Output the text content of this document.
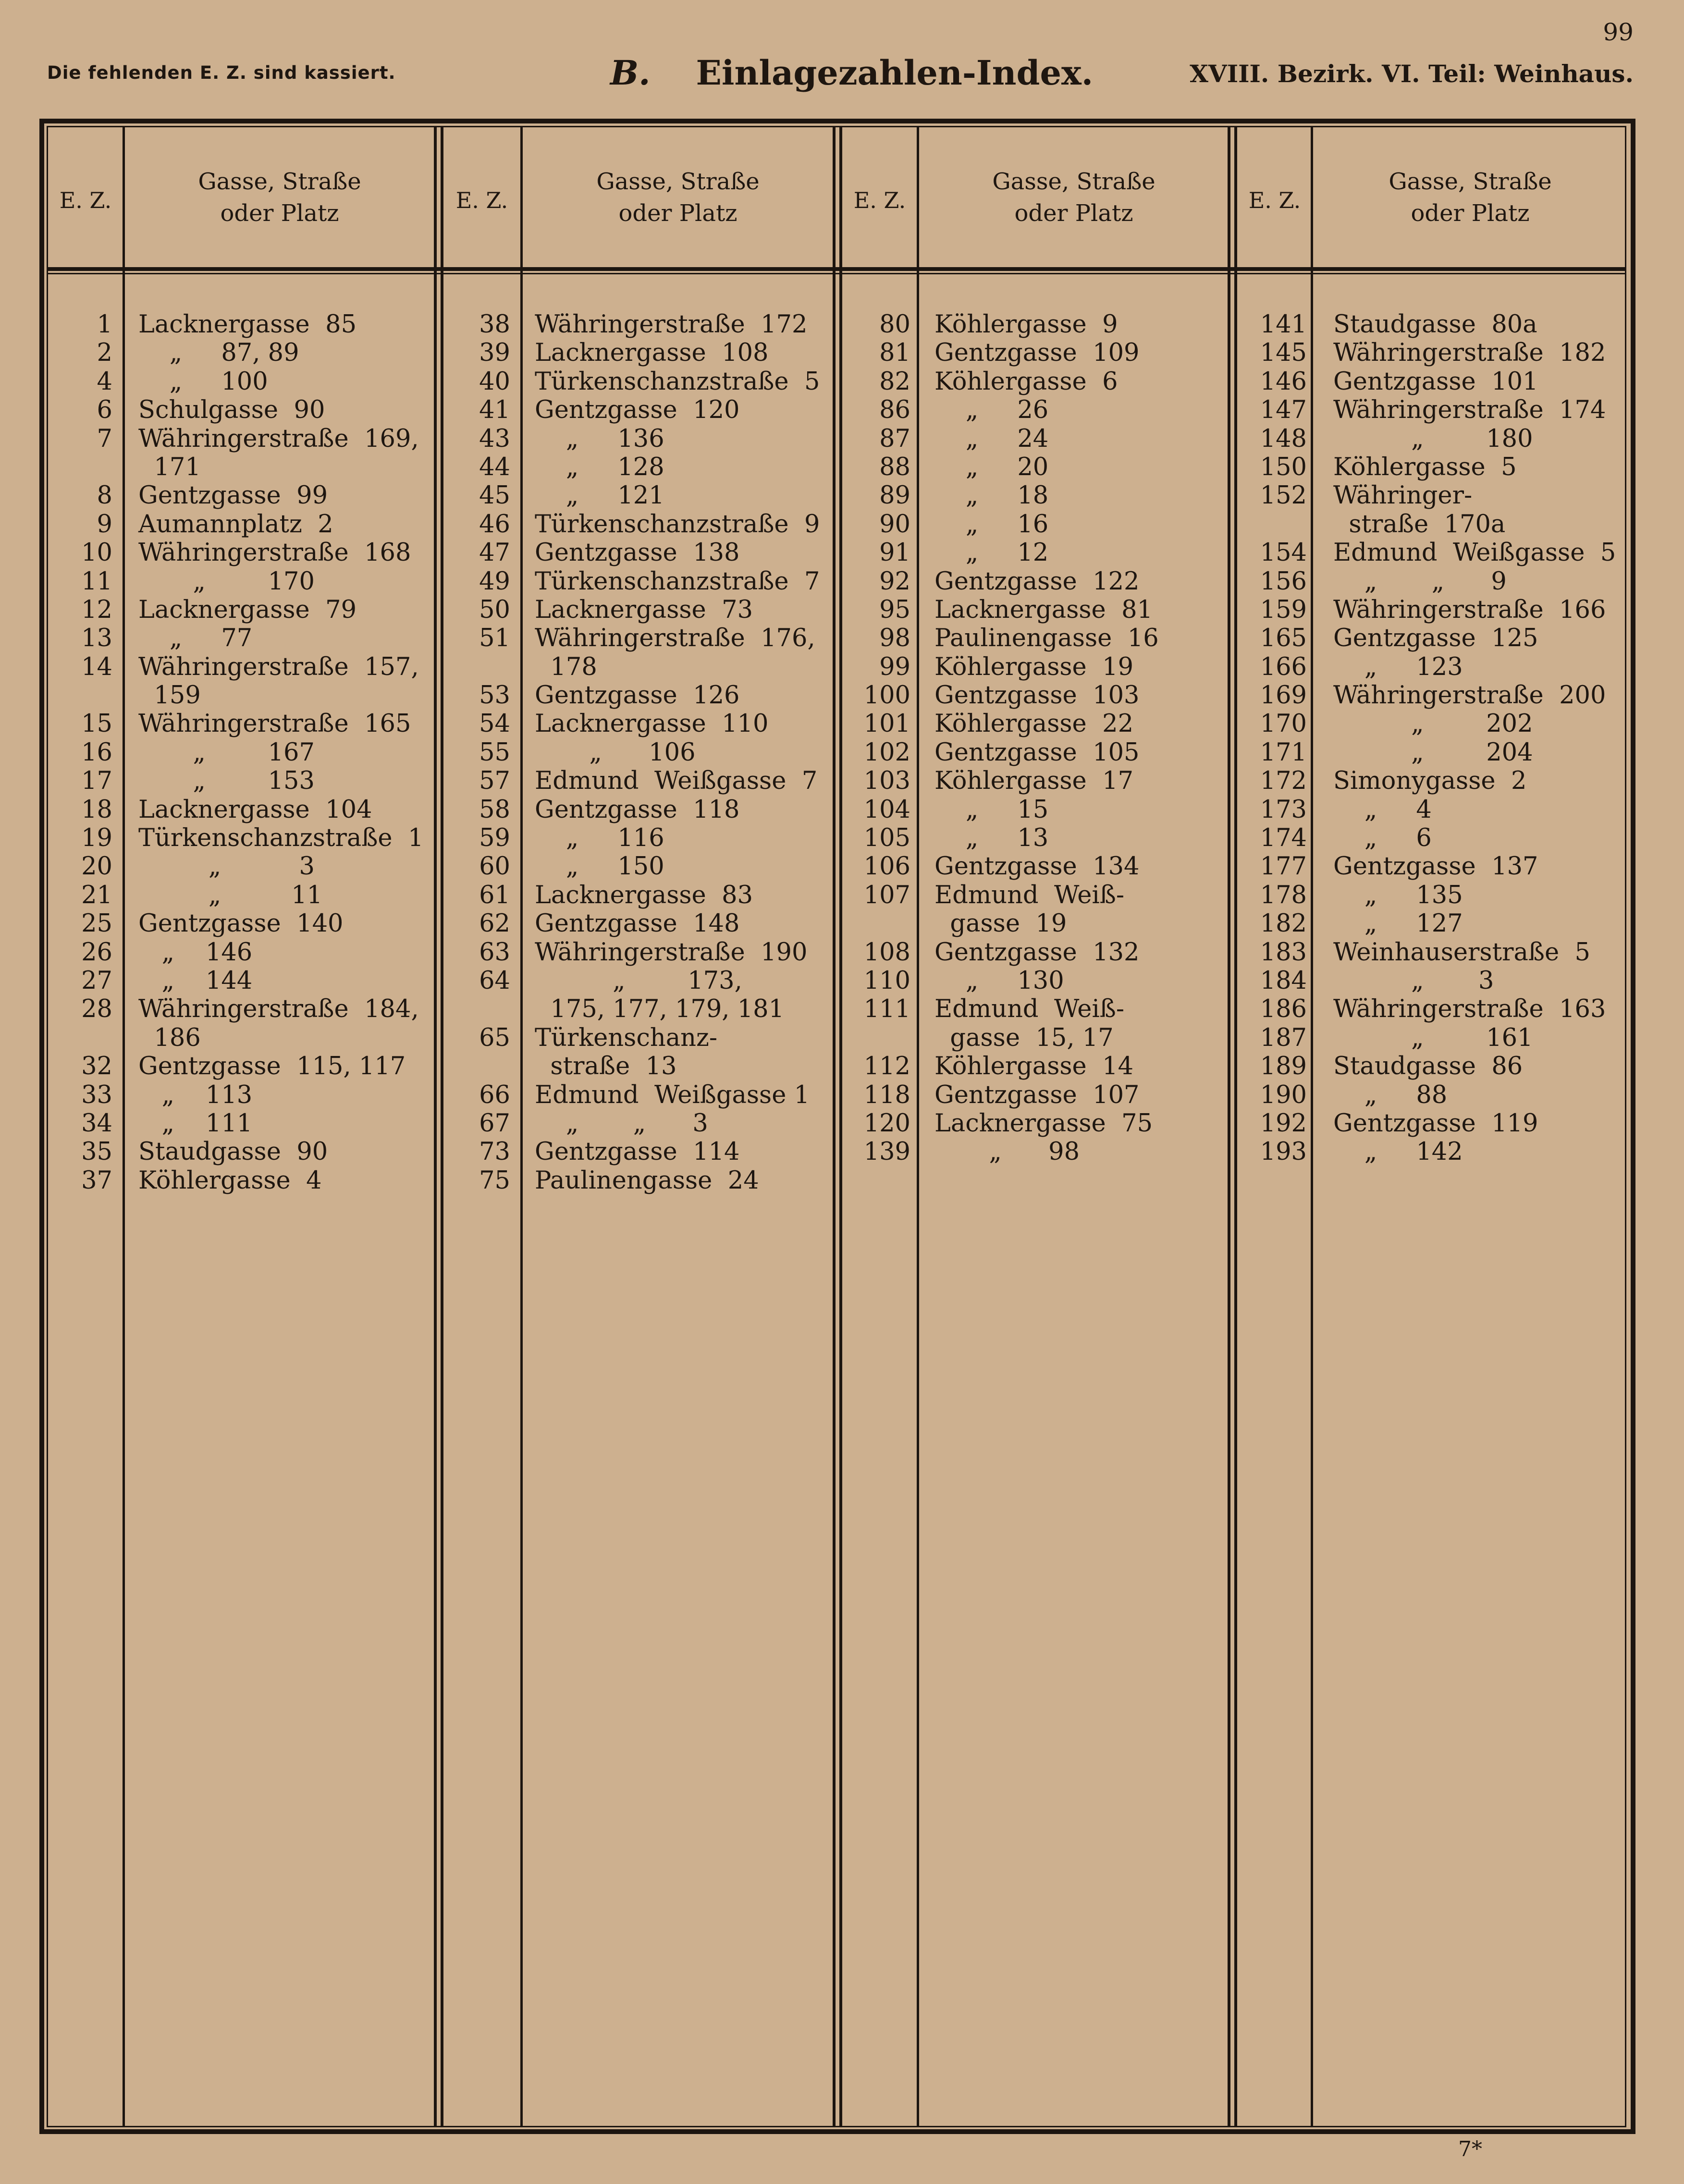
99
Die fehlenden E. Z. sind kassiert.	B. Einlagezahlen-Index.	XVIII. Bezirk. VI. Teil: Weinhaus.
E. Z.
Gasse, Straße
oder Platz	E. Z.
Gasse, Straße
oder Platz	E. Z.
Gasse, Straße
oder Platz	E. Z.
Gasse, Straße
oder Platz
1 Lacknergasse  85
2 „     87, 89
4 „     100
6 Schulgasse  90
7 Währingerstraße  169,
171
8 Gentzgasse  99
9 Aumannplatz  2
10 Währingerstraße  168
11 „        170
12 Lacknergasse  79
13 „     77
14 Währingerstraße  157,
159
15 Währingerstraße  165
16 „        167
17 „        153
18 Lacknergasse  104
19 Türkenschanzstraße  1
20 „          3
21 „         11
25 Gentzgasse  140
26 „    146
27 „    144
28 Währingerstraße  184,
186
32 Gentzgasse  115, 117
33 „    113
34 „    111
35 Staudgasse  90
37 Köhlergasse  4
38 Währingerstraße  172
39 Lacknergasse  108
40 Türkenschanzstraße  5
41 Gentzgasse  120
43 „     136
44 „     128
45 „     121
46 Türkenschanzstraße  9
47 Gentzgasse  138
49 Türkenschanzstraße  7
50 Lacknergasse  73
51 Währingerstraße  176,
178
53 Gentzgasse  126
54 Lacknergasse  110
55 „      106
57 Edmund  Weißgasse  7
58 Gentzgasse  118
59 „     116
60 „     150
61 Lacknergasse  83
62 Gentzgasse  148
63 Währingerstraße  190
64 „        173,
175, 177, 179, 181
65 Türkenschanz-
straße  13
66 Edmund  Weißgasse 1
67 „       „      3
73 Gentzgasse  114
75 Paulinengasse  24
80 Köhlergasse  9
81 Gentzgasse  109
82 Köhlergasse  6
86 „     26
87 „     24
88 „     20
89 „     18
90 „     16
91 „     12
92 Gentzgasse  122
95 Lacknergasse  81
98 Paulinengasse  16
99 Köhlergasse  19
100 Gentzgasse  103
101 Köhlergasse  22
102 Gentzgasse  105
103 Köhlergasse  17
104 „     15
105 „     13
106 Gentzgasse  134
107 Edmund  Weiß-
gasse  19
108 Gentzgasse  132
110 „     130
111 Edmund  Weiß-
gasse  15, 17
112 Köhlergasse  14
118 Gentzgasse  107
120 Lacknergasse  75
139 „      98
141 Staudgasse  80a
145 Währingerstraße  182
146 Gentzgasse  101
147 Währingerstraße  174
148 „        180
150 Köhlergasse  5
152 Währinger-
straße  170a
154 Edmund  Weißgasse  5
156 „       „      9
159 Währingerstraße  166
165 Gentzgasse  125
166 „     123
169 Währingerstraße  200
170 „        202
171 „        204
172 Simonygasse  2
173 „     4
174 „     6
177 Gentzgasse  137
178 „     135
182 „     127
183 Weinhauserstraße  5
184 „       3
186 Währingerstraße  163
187 „        161
189 Staudgasse  86
190 „     88
192 Gentzgasse  119
193 „     142
7*
